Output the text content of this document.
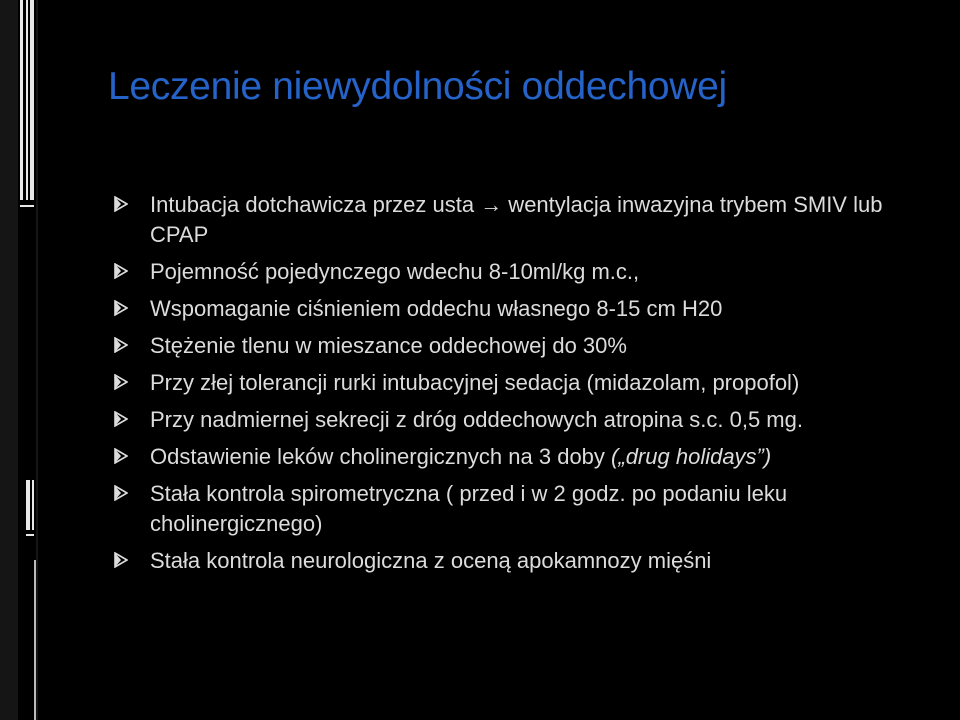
Leczenie niewydolności oddechowej
Intubacja dotchawicza przez usta → wentylacja inwazyjna trybem SMIV lub CPAP
Pojemność pojedynczego wdechu 8-10ml/kg m.c.,
Wspomaganie ciśnieniem oddechu własnego 8-15 cm H20
Stężenie tlenu w mieszance oddechowej do 30%
Przy złej tolerancji rurki intubacyjnej sedacja (midazolam, propofol)
Przy nadmiernej sekrecji z dróg oddechowych atropina s.c. 0,5 mg.
Odstawienie leków cholinergicznych na 3 doby („drug holidays”)
Stała kontrola spirometryczna ( przed i w 2 godz. po podaniu leku cholinergicznego)
Stała kontrola neurologiczna z oceną apokamnozy mięśni
